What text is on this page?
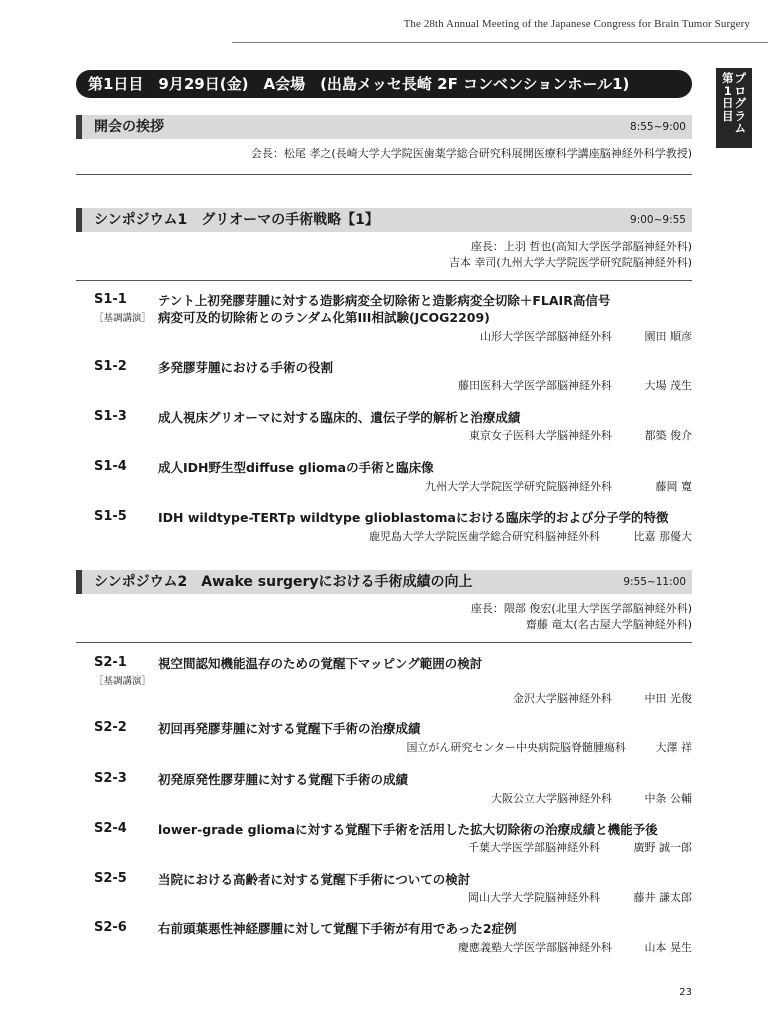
The 28th Annual Meeting of the Japanese Congress for Brain Tumor Surgery
第1日目　9月29日(金)　A会場　(出島メッセ長崎 2F コンベンションホール1)	プ
ロ
グ
ラ
ム
第
1
日
目
開会の挨拶	8:55~9:00
会長：松尾 孝之(長崎大学大学院医歯薬学総合研究科展開医療科学講座脳神経外科学教授)
シンポジウム1　グリオーマの手術戦略【1】	9:00~9:55
座長：上羽 哲也(高知大学医学部脳神経外科)
吉本 幸司(九州大学大学院医学研究院脳神経外科)
S1-1
［基調講演］
テント上初発膠芽腫に対する造影病変全切除術と造影病変全切除＋FLAIR高信号
病変可及的切除術とのランダム化第III相試験(JCOG2209)
山形大学医学部脳神経外科	園田 順彦
S1-2 多発膠芽腫における手術の役割
藤田医科大学医学部脳神経外科	大場 茂生
S1-3 成人視床グリオーマに対する臨床的、遺伝子学的解析と治療成績
東京女子医科大学脳神経外科	都築 俊介
S1-4 成人IDH野生型diffuse gliomaの手術と臨床像
九州大学大学院医学研究院脳神経外科	藤岡 寛
S1-5 IDH wildtype-TERTp wildtype glioblastomaにおける臨床学的および分子学的特徴
鹿児島大学大学院医歯学総合研究科脳神経外科	比嘉 那優大
シンポジウム2　Awake surgeryにおける手術成績の向上	9:55~11:00
座長：隈部 俊宏(北里大学医学部脳神経外科)
齋藤 竜太(名古屋大学脳神経外科)
S2-1
［基調講演］
視空間認知機能温存のための覚醒下マッピング範囲の検討
金沢大学脳神経外科	中田 光俊
S2-2 初回再発膠芽腫に対する覚醒下手術の治療成績
国立がん研究センター中央病院脳脊髄腫瘍科	大澤 祥
S2-3 初発原発性膠芽腫に対する覚醒下手術の成績
大阪公立大学脳神経外科	中条 公輔
S2-4 lower-grade gliomaに対する覚醒下手術を活用した拡大切除術の治療成績と機能予後
千葉大学医学部脳神経外科	廣野 誠一郎
S2-5 当院における高齢者に対する覚醒下手術についての検討
岡山大学大学院脳神経外科	藤井 謙太郎
S2-6 右前頭葉悪性神経膠腫に対して覚醒下手術が有用であった2症例
慶應義塾大学医学部脳神経外科	山本 晃生
23
